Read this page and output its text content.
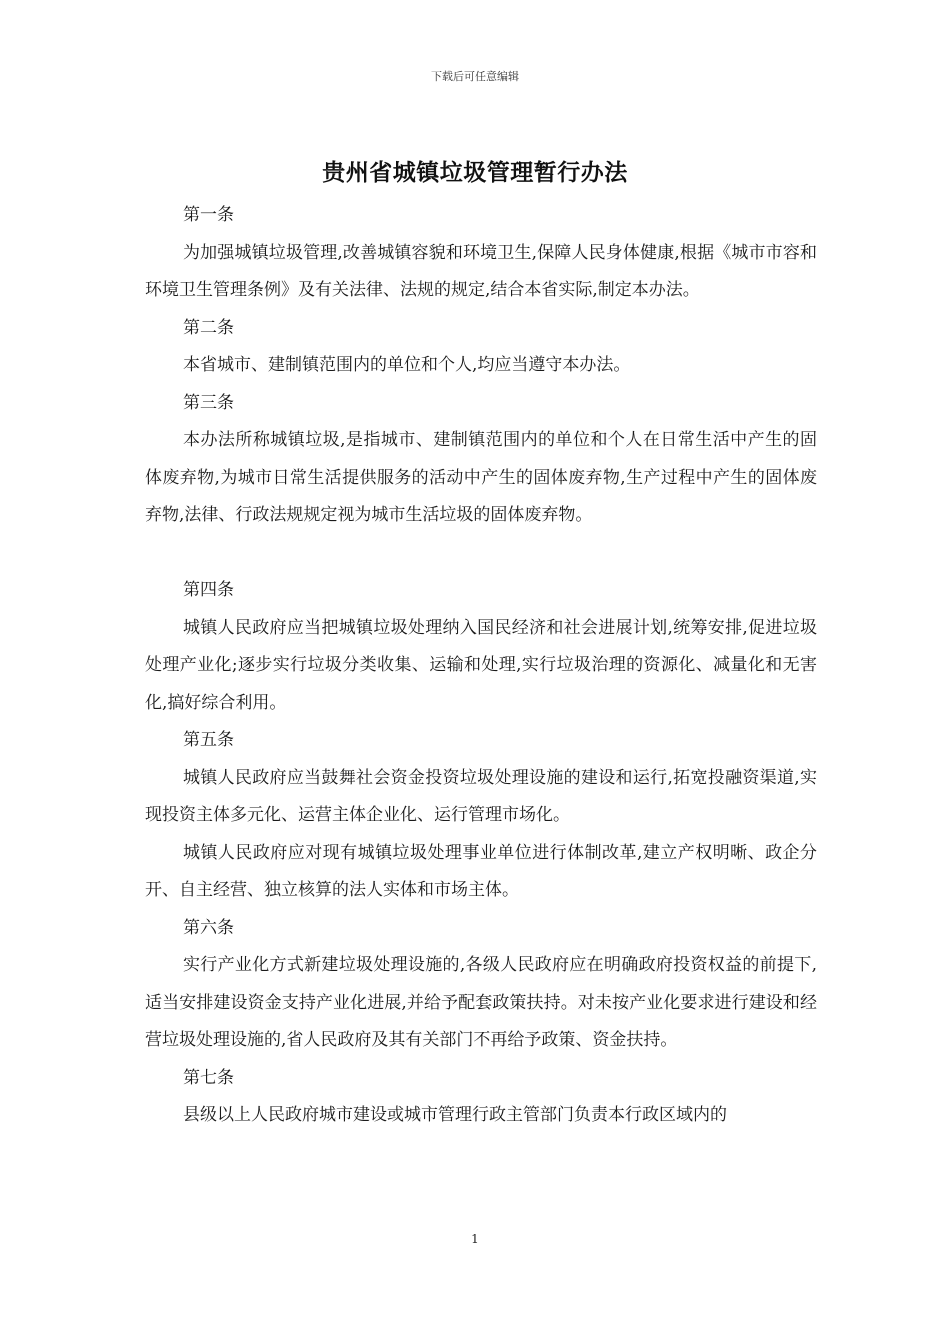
下载后可任意编辑
贵州省城镇垃圾管理暂行办法

第一条

为加强城镇垃圾管理,改善城镇容貌和环境卫生,保障人民身体健康,根据《城市市容和环境卫生管理条例》及有关法律、法规的规定,结合本省实际,制定本办法。

第二条

本省城市、建制镇范围内的单位和个人,均应当遵守本办法。

第三条

本办法所称城镇垃圾,是指城市、建制镇范围内的单位和个人在日常生活中产生的固体废弃物,为城市日常生活提供服务的活动中产生的固体废弃物,生产过程中产生的固体废弃物,法律、行政法规规定视为城市生活垃圾的固体废弃物。

第四条

城镇人民政府应当把城镇垃圾处理纳入国民经济和社会进展计划,统筹安排,促进垃圾处理产业化;逐步实行垃圾分类收集、运输和处理,实行垃圾治理的资源化、减量化和无害化,搞好综合利用。

第五条

城镇人民政府应当鼓舞社会资金投资垃圾处理设施的建设和运行,拓宽投融资渠道,实现投资主体多元化、运营主体企业化、运行管理市场化。

城镇人民政府应对现有城镇垃圾处理事业单位进行体制改革,建立产权明晰、政企分开、自主经营、独立核算的法人实体和市场主体。

第六条

实行产业化方式新建垃圾处理设施的,各级人民政府应在明确政府投资权益的前提下,适当安排建设资金支持产业化进展,并给予配套政策扶持。对未按产业化要求进行建设和经营垃圾处理设施的,省人民政府及其有关部门不再给予政策、资金扶持。

第七条

县级以上人民政府城市建设或城市管理行政主管部门负责本行政区域内的

1
